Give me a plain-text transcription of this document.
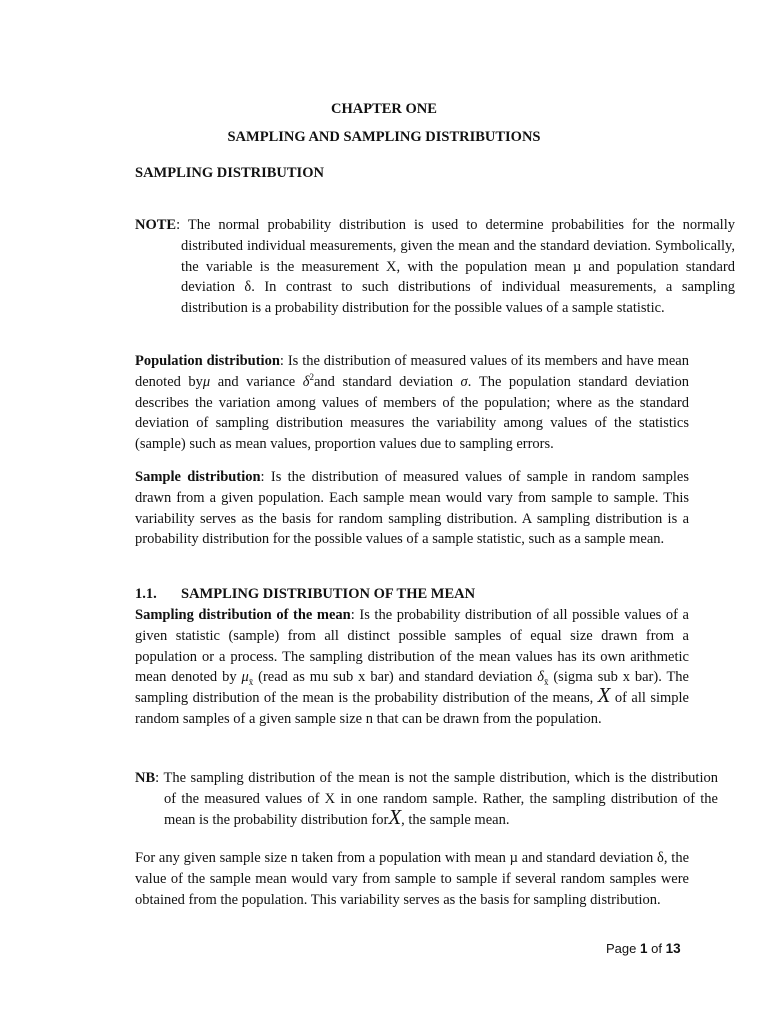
CHAPTER ONE
SAMPLING AND SAMPLING DISTRIBUTIONS
SAMPLING DISTRIBUTION
NOTE: The normal probability distribution is used to determine probabilities for the normally distributed individual measurements, given the mean and the standard deviation. Symbolically, the variable is the measurement X, with the population mean µ and population standard deviation δ. In contrast to such distributions of individual measurements, a sampling distribution is a probability distribution for the possible values of a sample statistic.
Population distribution: Is the distribution of measured values of its members and have mean denoted byμ and variance $\delta^2and$ standard deviation σ. The population standard deviation describes the variation among values of members of the population; where as the standard deviation of sampling distribution measures the variability among values of the statistics (sample) such as mean values, proportion values due to sampling errors.
Sample distribution: Is the distribution of measured values of sample in random samples drawn from a given population. Each sample mean would vary from sample to sample. This variability serves as the basis for random sampling distribution. A sampling distribution is a probability distribution for the possible values of a sample statistic, such as a sample mean.
1.1. SAMPLING DISTRIBUTION OF THE MEAN
Sampling distribution of the mean: Is the probability distribution of all possible values of a given statistic (sample) from all distinct possible samples of equal size drawn from a population or a process. The sampling distribution of the mean values has its own arithmetic mean denoted by $\mu_{x̄}$ (read as mu sub x bar) and standard deviation $\delta_{x̄}$ (sigma sub x bar). The sampling distribution of the mean is the probability distribution of the means, X of all simple random samples of a given sample size n that can be drawn from the population.
NB: The sampling distribution of the mean is not the sample distribution, which is the distribution of the measured values of X in one random sample. Rather, the sampling distribution of the mean is the probability distribution forX, the sample mean.
For any given sample size n taken from a population with mean µ and standard deviation δ, the value of the sample mean would vary from sample to sample if several random samples were obtained from the population. This variability serves as the basis for sampling distribution.
Page 1 of 13
